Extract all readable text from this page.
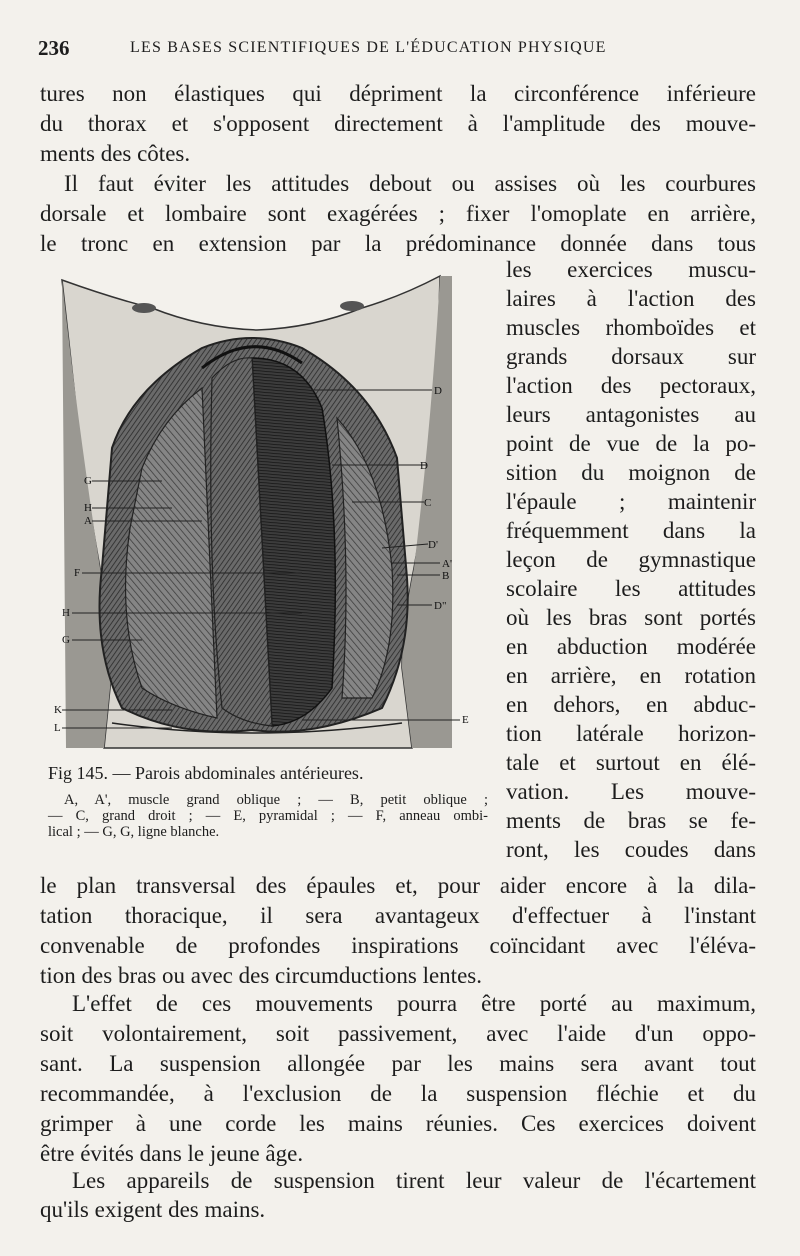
236	LES BASES SCIENTIFIQUES DE L'ÉDUCATION PHYSIQUE
tures non élastiques qui dépriment la circonférence inférieure
du thorax et s'opposent directement à l'amplitude des mouve-
ments des côtes.
Il faut éviter les attitudes debout ou assises où les courbures
dorsale et lombaire sont exagérées ; fixer l'omoplate en arrière,
le tronc en extension par la prédominance donnée dans tous
les exercices muscu-
laires à l'action des
muscles rhomboïdes et
grands dorsaux sur
l'action des pectoraux,
leurs antagonistes au
point de vue de la po-
sition du moignon de
l'épaule ; maintenir
fréquemment dans la
leçon de gymnastique
scolaire les attitudes
où les bras sont portés
en abduction modérée
en arrière, en rotation
en dehors, en abduc-
tion latérale horizon-
tale et surtout en élé-
vation. Les mouve-
ments de bras se fe-
ront, les coudes dans
D
D
C
D'
A'
B
D"
E
G
H
A
F
H
G
K
L
Fig 145. — Parois abdominales antérieures.
A, A', muscle grand oblique ; — B, petit oblique ;
— C, grand droit ; — E, pyramidal ; — F, anneau ombi-
lical ; — G, G, ligne blanche.
le plan transversal des épaules et, pour aider encore à la dila-
tation thoracique, il sera avantageux d'effectuer à l'instant
convenable de profondes inspirations coïncidant avec l'éléva-
tion des bras ou avec des circumductions lentes.
L'effet de ces mouvements pourra être porté au maximum,
soit volontairement, soit passivement, avec l'aide d'un oppo-
sant. La suspension allongée par les mains sera avant tout
recommandée, à l'exclusion de la suspension fléchie et du
grimper à une corde les mains réunies. Ces exercices doivent
être évités dans le jeune âge.
Les appareils de suspension tirent leur valeur de l'écartement
qu'ils exigent des mains.
